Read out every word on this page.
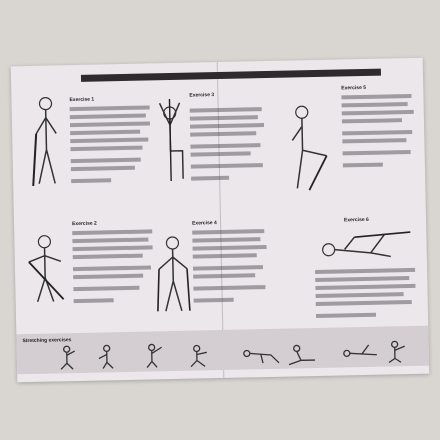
Exercise 1
Exercise 3
Exercise 5
Exercise 2	Exercise 4	Exercise 6
Stretching exercises
